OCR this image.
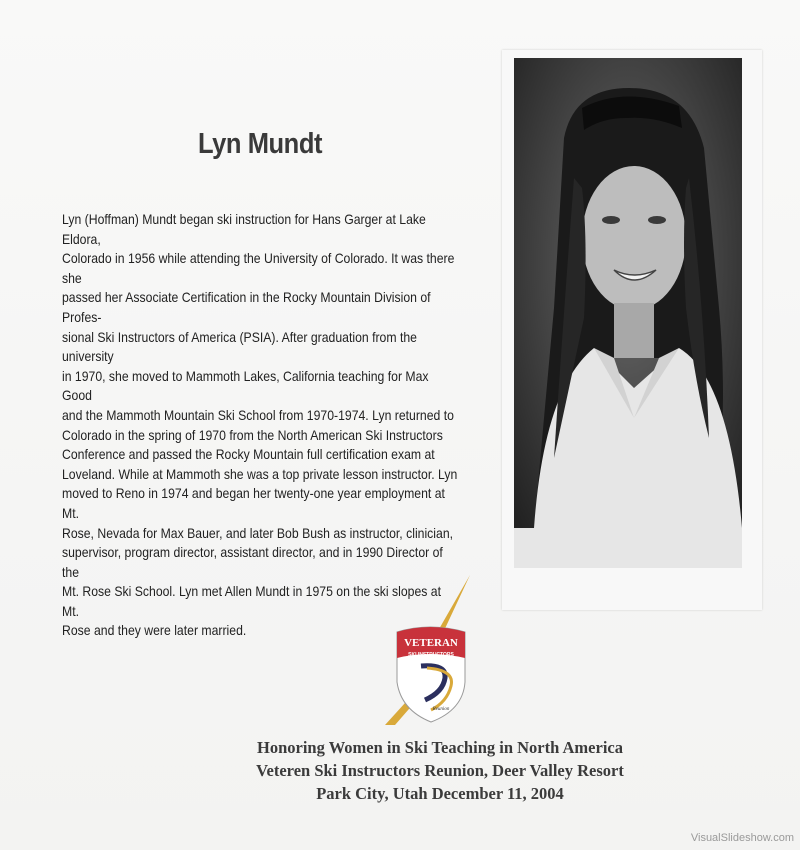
Lyn Mundt
Lyn (Hoffman) Mundt began ski instruction for Hans Garger at Lake Eldora,
Colorado in 1956 while attending the University of Colorado. It was there she
passed her Associate Certification in the Rocky Mountain Division of Profes-
sional Ski Instructors of America (PSIA). After graduation from the university
in 1970, she moved to Mammoth Lakes, California teaching for Max Good
and the Mammoth Mountain Ski School from 1970-1974. Lyn returned to
Colorado in the spring of 1970 from the North American Ski Instructors
Conference and passed the Rocky Mountain full certification exam at
Loveland. While at Mammoth she was a top private lesson instructor. Lyn
moved to Reno in 1974 and began her twenty-one year employment at Mt.
Rose, Nevada for Max Bauer, and later Bob Bush as instructor, clinician,
supervisor, program director, assistant director, and in 1990 Director of the
Mt. Rose Ski School. Lyn met Allen Mundt in 1975 on the ski slopes at Mt.
Rose and they were later married.
VETERAN
SKI INSTRUCTORS
Reunion
Honoring Women in Ski Teaching in North America
Veteren Ski Instructors Reunion, Deer Valley Resort
Park City, Utah December 11, 2004
VisualSlideshow.com
